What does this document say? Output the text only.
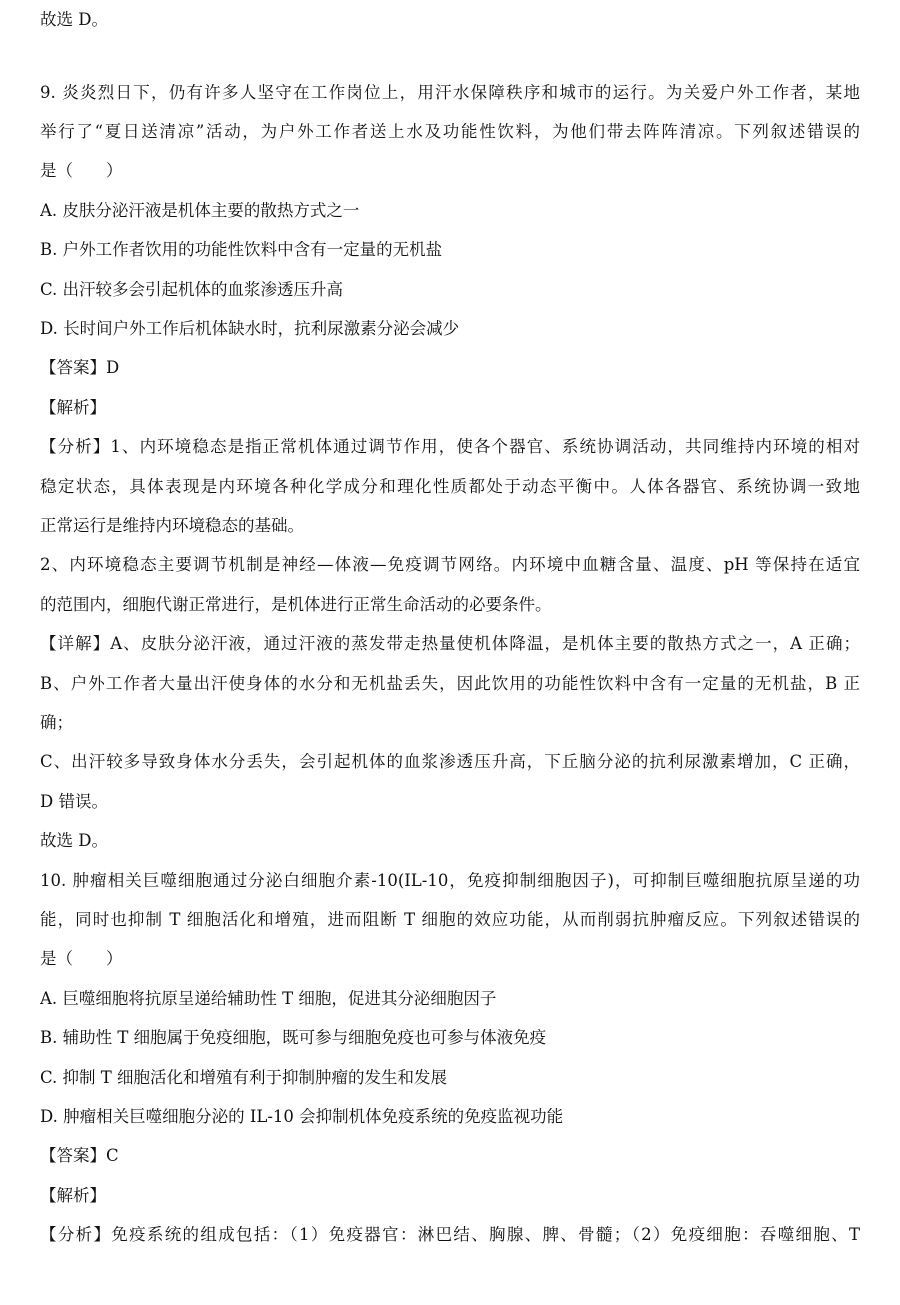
故选 D。
9. 炎炎烈日下，仍有许多人坚守在工作岗位上，用汗水保障秩序和城市的运行。为关爱户外工作者，某地
举行了“夏日送清凉”活动，为户外工作者送上水及功能性饮料，为他们带去阵阵清凉。下列叙述错误的
是（　　）
A. 皮肤分泌汗液是机体主要的散热方式之一
B. 户外工作者饮用的功能性饮料中含有一定量的无机盐
C. 出汗较多会引起机体的血浆渗透压升高
D. 长时间户外工作后机体缺水时，抗利尿激素分泌会减少
【答案】D
【解析】
【分析】1、内环境稳态是指正常机体通过调节作用，使各个器官、系统协调活动，共同维持内环境的相对
稳定状态，具体表现是内环境各种化学成分和理化性质都处于动态平衡中。人体各器官、系统协调一致地
正常运行是维持内环境稳态的基础。
2、内环境稳态主要调节机制是神经—体液—免疫调节网络。内环境中血糖含量、温度、pH 等保持在适宜
的范围内，细胞代谢正常进行，是机体进行正常生命活动的必要条件。
【详解】A、皮肤分泌汗液，通过汗液的蒸发带走热量使机体降温，是机体主要的散热方式之一，A 正确；
B、户外工作者大量出汗使身体的水分和无机盐丢失，因此饮用的功能性饮料中含有一定量的无机盐，B 正
确；
C、出汗较多导致身体水分丢失，会引起机体的血浆渗透压升高，下丘脑分泌的抗利尿激素增加，C 正确，
D 错误。
故选 D。
10. 肿瘤相关巨噬细胞通过分泌白细胞介素-10(IL-10，免疫抑制细胞因子)，可抑制巨噬细胞抗原呈递的功
能，同时也抑制 T 细胞活化和增殖，进而阻断 T 细胞的效应功能，从而削弱抗肿瘤反应。下列叙述错误的
是（　　）
A. 巨噬细胞将抗原呈递给辅助性 T 细胞，促进其分泌细胞因子
B. 辅助性 T 细胞属于免疫细胞，既可参与细胞免疫也可参与体液免疫
C. 抑制 T 细胞活化和增殖有利于抑制肿瘤的发生和发展
D. 肿瘤相关巨噬细胞分泌的 IL-10 会抑制机体免疫系统的免疫监视功能
【答案】C
【解析】
【分析】免疫系统的组成包括：（1）免疫器官：淋巴结、胸腺、脾、骨髓；（2）免疫细胞：吞噬细胞、T
